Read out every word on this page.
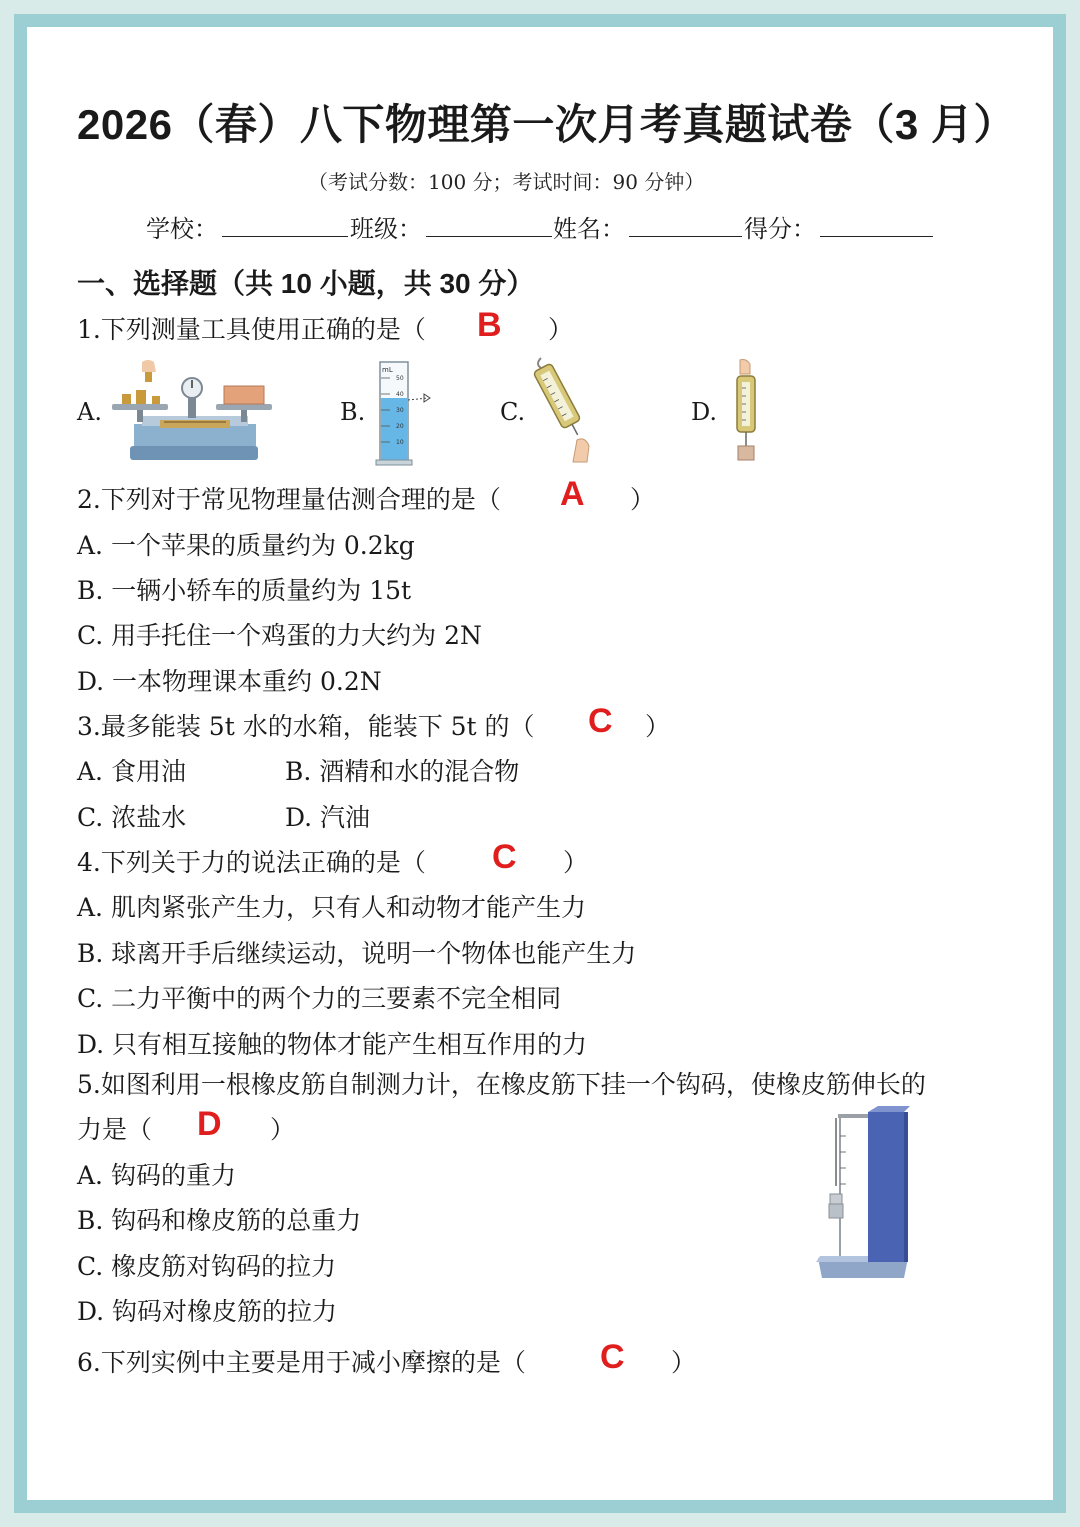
2026（春）八下物理第一次月考真题试卷（3 月）
（考试分数：100 分；考试时间：90 分钟）
学校：	班级：	姓名：	得分：
一、选择题（共 10 小题，共 30 分）
1.下列测量工具使用正确的是（ B ）
A.	B.	C.	D.
mL
50
40
30
20
10
2.下列对于常见物理量估测合理的是（ A ）
A. 一个苹果的质量约为 0.2kg
B. 一辆小轿车的质量约为 15t
C. 用手托住一个鸡蛋的力大约为 2N
D. 一本物理课本重约 0.2N
3.最多能装 5t 水的水箱，能装下 5t 的（ C ）
A. 食用油	B. 酒精和水的混合物
C. 浓盐水	D. 汽油
4.下列关于力的说法正确的是（ C ）
A. 肌肉紧张产生力，只有人和动物才能产生力
B. 球离开手后继续运动，说明一个物体也能产生力
C. 二力平衡中的两个力的三要素不完全相同
D. 只有相互接触的物体才能产生相互作用的力
5.如图利用一根橡皮筋自制测力计，在橡皮筋下挂一个钩码，使橡皮筋伸长的
力是（ D ）
A. 钩码的重力
B. 钩码和橡皮筋的总重力
C. 橡皮筋对钩码的拉力
D. 钩码对橡皮筋的拉力
6.下列实例中主要是用于减小摩擦的是（ C ）
